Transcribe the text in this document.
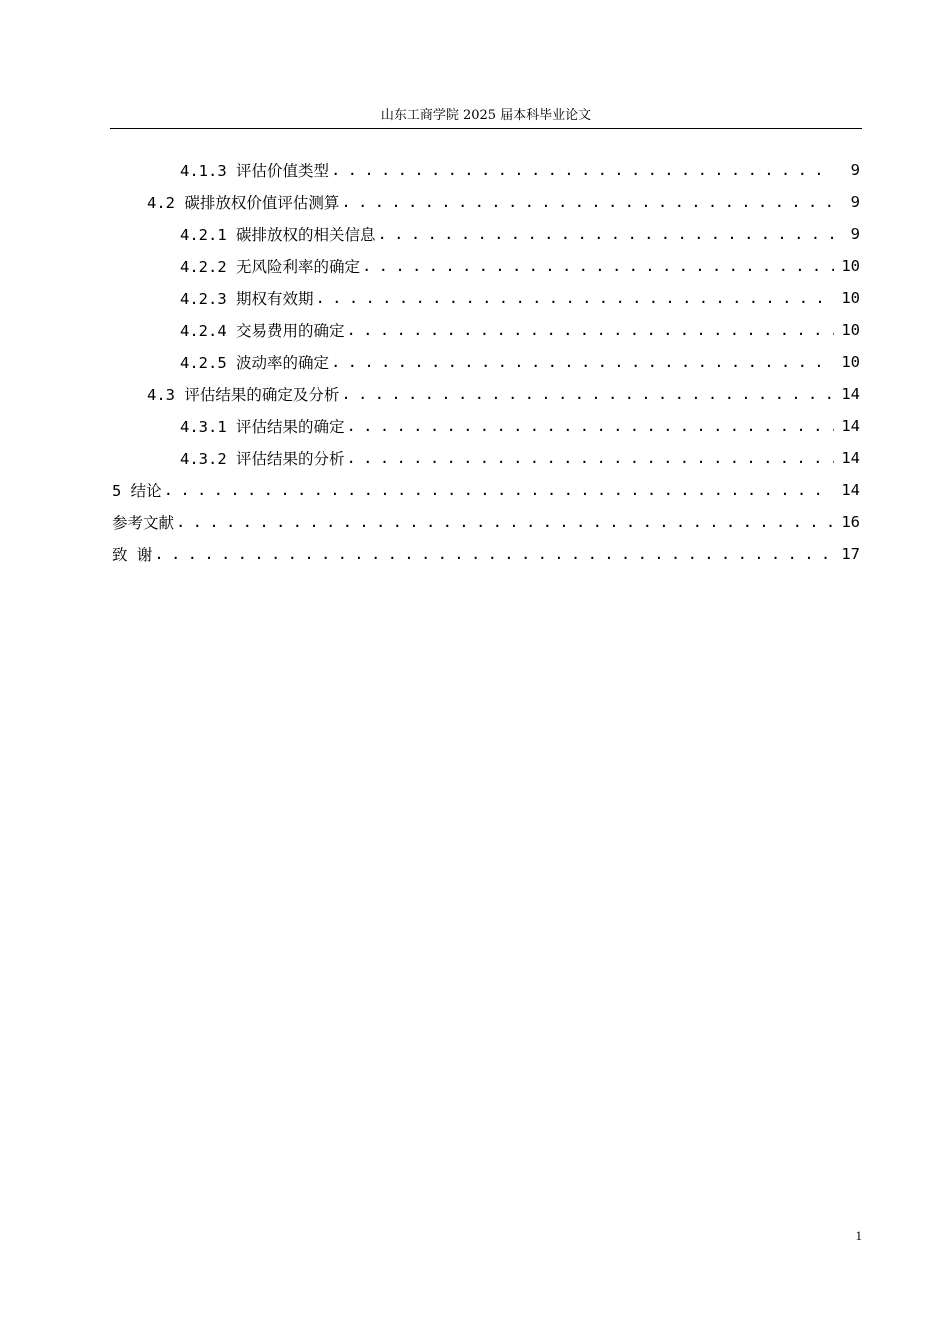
山东工商学院 2025 届本科毕业论文
4.1.3 评估价值类型 . . .	9
4.2 碳排放权价值评估测算 . . .	9
4.2.1 碳排放权的相关信息 . . .	9
4.2.2 无风险利率的确定 . . .	10
4.2.3 期权有效期 . . .	10
4.2.4 交易费用的确定 . . .	10
4.2.5 波动率的确定 . . .	10
4.3 评估结果的确定及分析 . . .	14
4.3.1 评估结果的确定 . . .	14
4.3.2 评估结果的分析 . . .	14
5 结论 . . .	14
参考文献 . . .	16
致 谢 . . .	17
1
